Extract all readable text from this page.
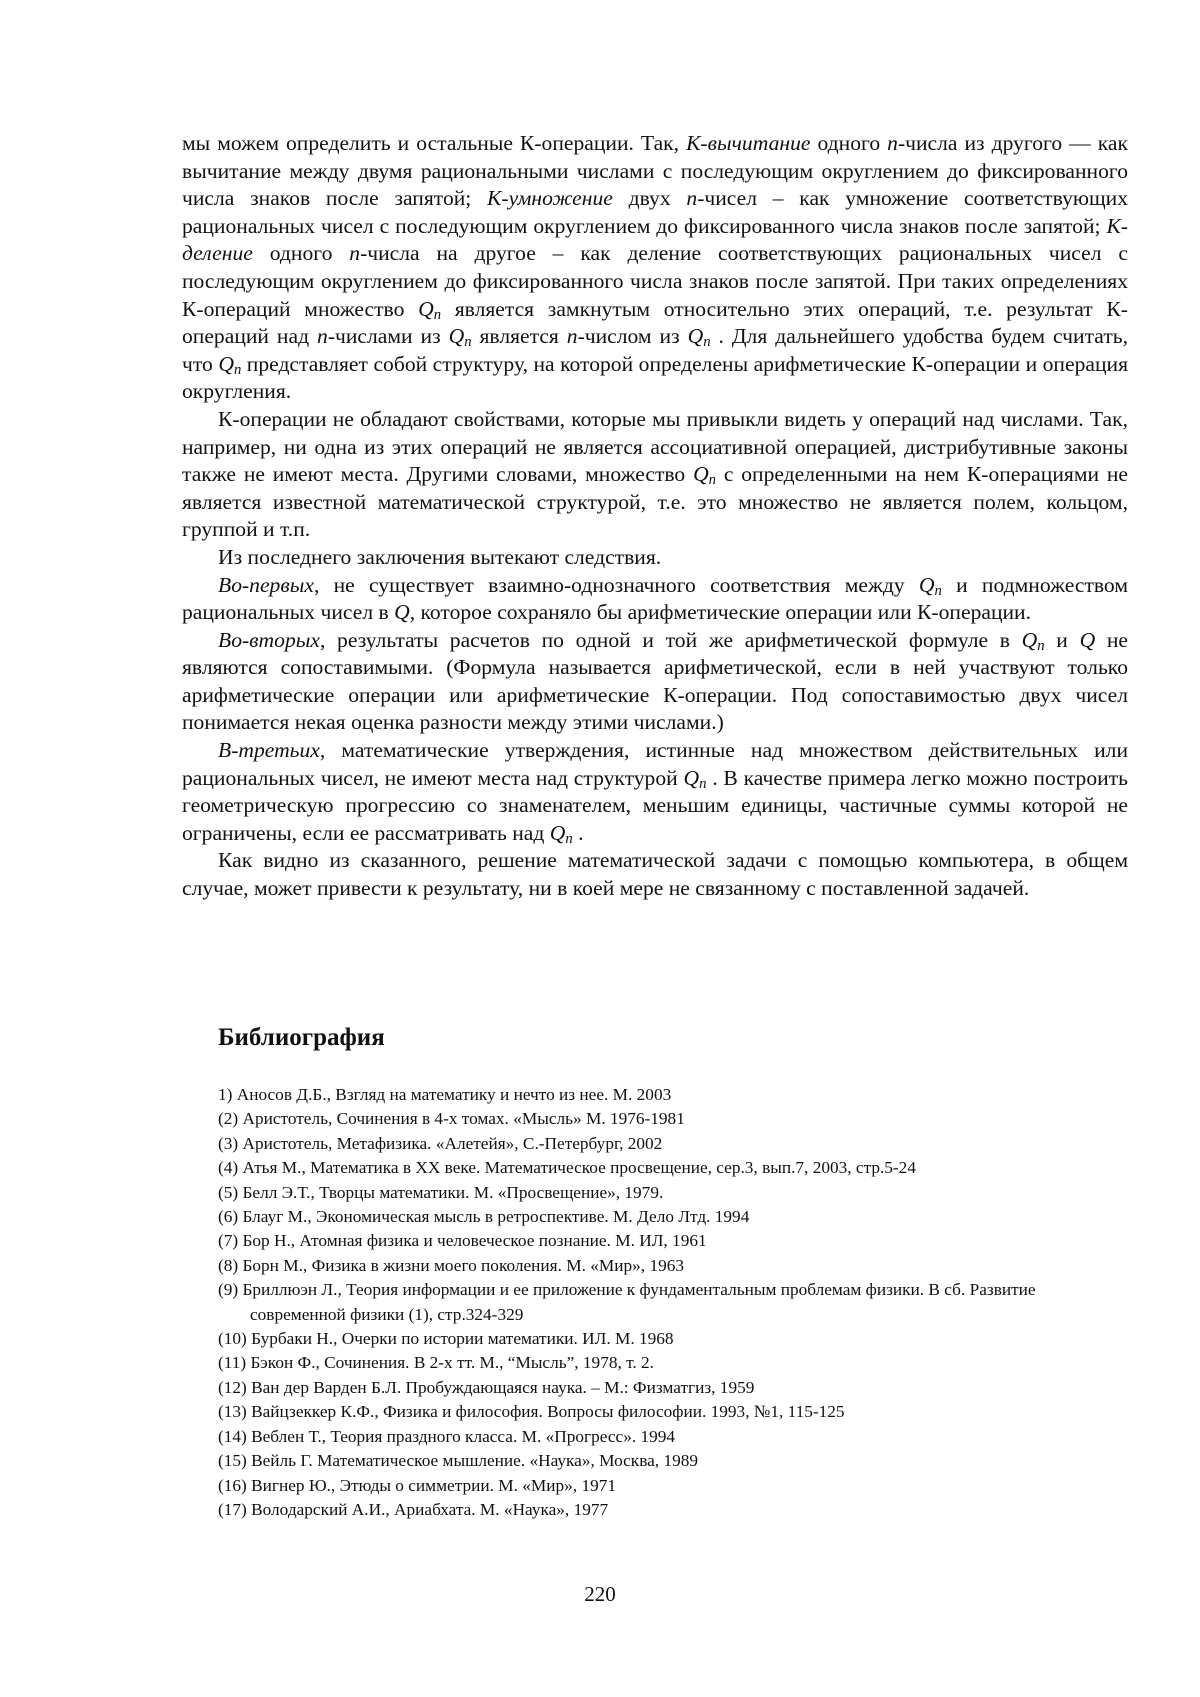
мы можем определить и остальные К-операции. Так, К-вычитание одного n-числа из другого — как вычитание между двумя рациональными числами с последующим округлением до фиксированного числа знаков после запятой; К-умножение двух n-чисел – как умножение соответствующих рациональных чисел с последующим округлением до фиксированного числа знаков после запятой; К-деление одного n-числа на другое – как деление соответствующих рациональных чисел с последующим округлением до фиксированного числа знаков после запятой. При таких определениях К-операций множество $Q_n$ является замкнутым относительно этих операций, т.е. результат К-операций над n-числами из $Q_n$ является n-числом из $Q_n$ . Для дальнейшего удобства будем считать, что $Q_n$ представляет собой структуру, на которой определены арифметические К-операции и операция округления.

К-операции не обладают свойствами, которые мы привыкли видеть у операций над числами. Так, например, ни одна из этих операций не является ассоциативной операцией, дистрибутивные законы также не имеют места. Другими словами, множество $Q_n$ с определенными на нем К-операциями не является известной математической структурой, т.е. это множество не является полем, кольцом, группой и т.п.

Из последнего заключения вытекают следствия.

Во-первых, не существует взаимно-однозначного соответствия между $Q_n$ и подмножеством рациональных чисел в Q, которое сохраняло бы арифметические операции или К-операции.

Во-вторых, результаты расчетов по одной и той же арифметической формуле в $Q_n$ и Q не являются сопоставимыми. (Формула называется арифметической, если в ней участвуют только арифметические операции или арифметические К-операции. Под сопоставимостью двух чисел понимается некая оценка разности между этими числами.)

В-третьих, математические утверждения, истинные над множеством действительных или рациональных чисел, не имеют места над структурой $Q_n$ . В качестве примера легко можно построить геометрическую прогрессию со знаменателем, меньшим единицы, частичные суммы которой не ограничены, если ее рассматривать над $Q_n$ .

Как видно из сказанного, решение математической задачи с помощью компьютера, в общем случае, может привести к результату, ни в коей мере не связанному с поставленной задачей.

Библиография
1) Аносов Д.Б., Взгляд на математику и нечто из нее. М. 2003
(2) Аристотель, Сочинения в 4-х томах. «Мысль» М. 1976-1981
(3) Аристотель, Метафизика. «Алетейя», С.-Петербург, 2002
(4) Атья М., Математика в XX веке. Математическое просвещение, сер.3, вып.7, 2003, стр.5-24
(5) Белл Э.Т., Творцы математики. М. «Просвещение», 1979.
(6) Блауг М., Экономическая мысль в ретроспективе. М. Дело Лтд. 1994
(7) Бор Н., Атомная физика и человеческое познание. М. ИЛ, 1961
(8) Борн М., Физика в жизни моего поколения. М. «Мир», 1963
(9) Бриллюэн Л., Теория информации и ее приложение к фундаментальным проблемам физики. В сб. Развитие современной физики (1), стр.324-329
(10) Бурбаки Н., Очерки по истории математики. ИЛ. М. 1968
(11) Бэкон Ф., Сочинения. В 2-х тт. М., “Мысль”, 1978, т. 2.
(12) Ван дер Варден Б.Л. Пробуждающаяся наука. – М.: Физматгиз, 1959
(13) Вайцзеккер К.Ф., Физика и философия. Вопросы философии. 1993, №1, 115-125
(14) Веблен Т., Теория праздного класса. М. «Прогресс». 1994
(15) Вейль Г. Математическое мышление. «Наука», Москва, 1989
(16) Вигнер Ю., Этюды о симметрии. М. «Мир», 1971
(17) Володарский А.И., Ариабхата. М. «Наука», 1977
220
